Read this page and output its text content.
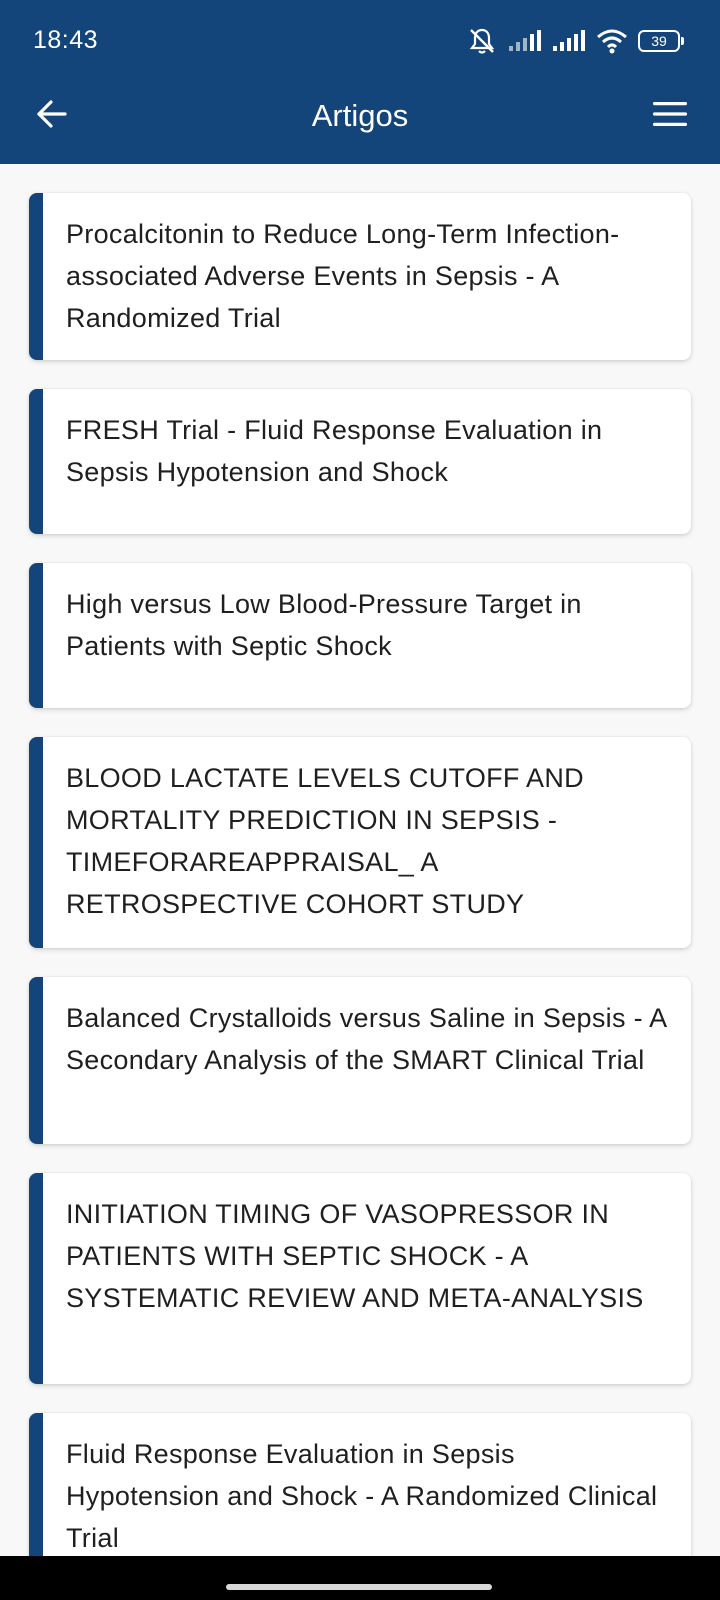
18:43	39
Artigos
Procalcitonin to Reduce Long-Term Infection-associated Adverse Events in Sepsis - A Randomized Trial
FRESH Trial - Fluid Response Evaluation in Sepsis Hypotension and Shock
High versus Low Blood-Pressure Target in Patients with Septic Shock
BLOOD LACTATE LEVELS CUTOFF AND MORTALITY PREDICTION IN SEPSIS - TIMEFORAREAPPRAISAL_ A RETROSPECTIVE COHORT STUDY
Balanced Crystalloids versus Saline in Sepsis - A Secondary Analysis of the SMART Clinical Trial
INITIATION TIMING OF VASOPRESSOR IN PATIENTS WITH SEPTIC SHOCK - A SYSTEMATIC REVIEW AND META-ANALYSIS
Fluid Response Evaluation in Sepsis Hypotension and Shock - A Randomized Clinical Trial
